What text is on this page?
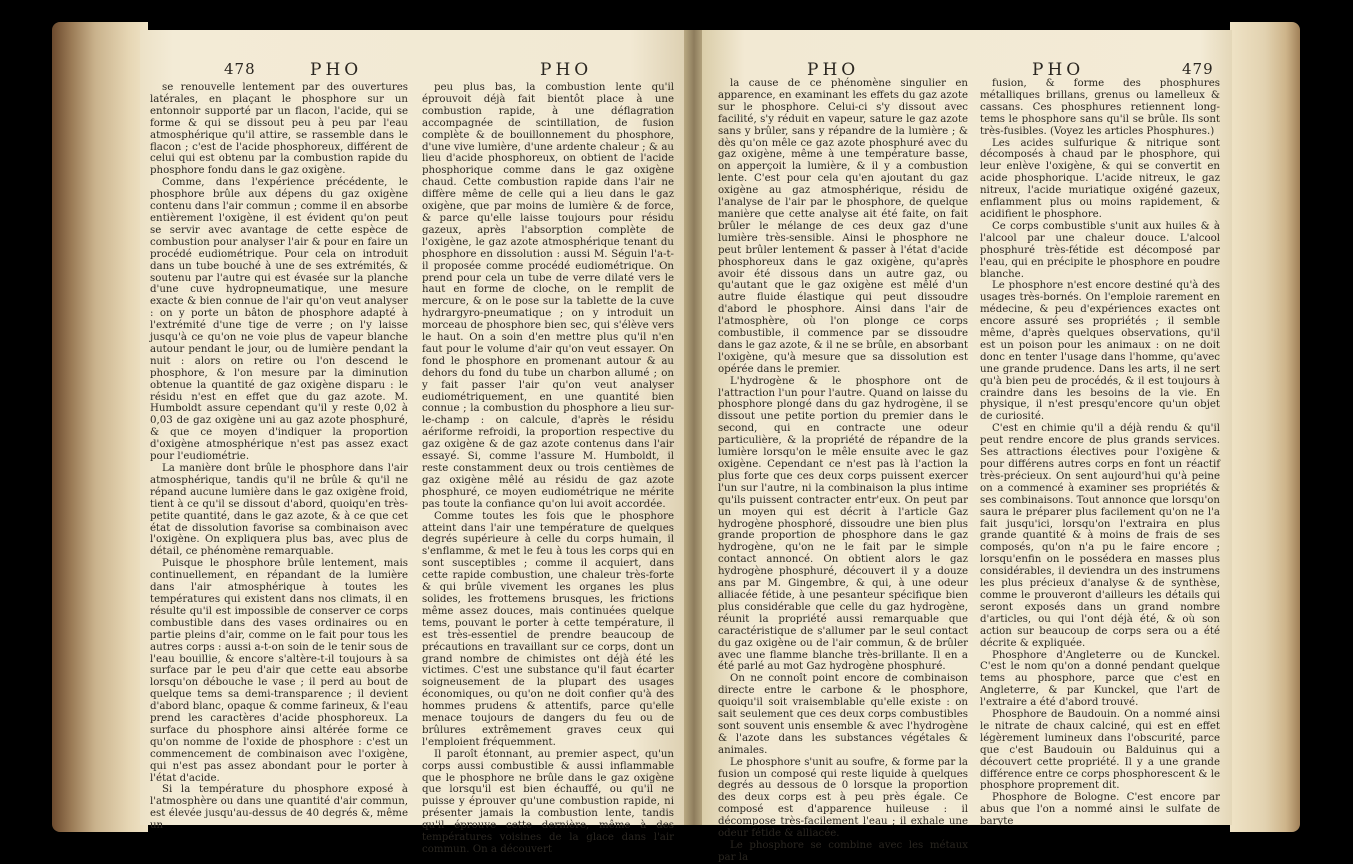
478	PHO	PHO

se renouvelle lentement par des ouvertures latérales, en plaçant le phosphore sur un entonnoir supporté par un flacon, l'acide, qui se forme & qui se dissout peu à peu par l'eau atmosphérique qu'il attire, se rassemble dans le flacon ; c'est de l'acide phosphoreux, différent de celui qui est obtenu par la combustion rapide du phosphore fondu dans le gaz oxigène.

Comme, dans l'expérience précédente, le phosphore brûle aux dépens du gaz oxigène contenu dans l'air commun ; comme il en absorbe entièrement l'oxigène, il est évident qu'on peut se servir avec avantage de cette espèce de combustion pour analyser l'air & pour en faire un procédé eudiométrique. Pour cela on introduit dans un tube bouché à une de ses extrémités, & soutenu par l'autre qui est évasée sur la planche d'une cuve hydropneumatique, une mesure exacte & bien connue de l'air qu'on veut analyser : on y porte un bâton de phosphore adapté à l'extrémité d'une tige de verre ; on l'y laisse jusqu'à ce qu'on ne voie plus de vapeur blanche autour pendant le jour, ou de lumière pendant la nuit : alors on retire ou l'on descend le phosphore, & l'on mesure par la diminution obtenue la quantité de gaz oxigène disparu : le résidu n'est en effet que du gaz azote. M. Humboldt assure cependant qu'il y reste 0,02 à 0,03 de gaz oxigène uni au gaz azote phosphuré, & que ce moyen d'indiquer la proportion d'oxigène atmosphérique n'est pas assez exact pour l'eudiométrie.

La manière dont brûle le phosphore dans l'air atmosphérique, tandis qu'il ne brûle & qu'il ne répand aucune lumière dans le gaz oxigène froid, tient à ce qu'il se dissout d'abord, quoiqu'en très-petite quantité, dans le gaz azote, & à ce que cet état de dissolution favorise sa combinaison avec l'oxigène. On expliquera plus bas, avec plus de détail, ce phénomène remarquable.

Puisque le phosphore brûle lentement, mais continuellement, en répandant de la lumière dans l'air atmosphérique à toutes les températures qui existent dans nos climats, il en résulte qu'il est impossible de conserver ce corps combustible dans des vases ordinaires ou en partie pleins d'air, comme on le fait pour tous les autres corps : aussi a-t-on soin de le tenir sous de l'eau bouillie, & encore s'altère-t-il toujours à sa surface par le peu d'air que cette eau absorbe lorsqu'on débouche le vase ; il perd au bout de quelque tems sa demi-transparence ; il devient d'abord blanc, opaque & comme farineux, & l'eau prend les caractères d'acide phosphoreux. La surface du phosphore ainsi altérée forme ce qu'on nomme de l'oxide de phosphore : c'est un commencement de combinaison avec l'oxigène, qui n'est pas assez abondant pour le porter à l'état d'acide.

Si la température du phosphore exposé à l'atmosphère ou dans une quantité d'air commun, est élevée jusqu'au-dessus de 40 degrés &, même un

peu plus bas, la combustion lente qu'il éprouvoit déjà fait bientôt place à une combustion rapide, à une déflagration accompagnée de scintillation, de fusion complète & de bouillonnement du phosphore, d'une vive lumière, d'une ardente chaleur ; & au lieu d'acide phosphoreux, on obtient de l'acide phosphorique comme dans le gaz oxigène chaud. Cette combustion rapide dans l'air ne diffère même de celle qui a lieu dans le gaz oxigène, que par moins de lumière & de force, & parce qu'elle laisse toujours pour résidu gazeux, après l'absorption complète de l'oxigène, le gaz azote atmosphérique tenant du phosphore en dissolution : aussi M. Séguin l'a-t-il proposée comme procédé eudiométrique. On prend pour cela un tube de verre dilaté vers le haut en forme de cloche, on le remplit de mercure, & on le pose sur la tablette de la cuve hydrargyro-pneumatique ; on y introduit un morceau de phosphore bien sec, qui s'élève vers le haut. On a soin d'en mettre plus qu'il n'en faut pour le volume d'air qu'on veut essayer. On fond le phosphore en promenant autour & au dehors du fond du tube un charbon allumé ; on y fait passer l'air qu'on veut analyser eudiométriquement, en une quantité bien connue ; la combustion du phosphore a lieu sur-le-champ : on calcule, d'après le résidu aériforme refroidi, la proportion respective du gaz oxigène & de gaz azote contenus dans l'air essayé. Si, comme l'assure M. Humboldt, il reste constamment deux ou trois centièmes de gaz oxigène mêlé au résidu de gaz azote phosphuré, ce moyen eudiométrique ne mérite pas toute la confiance qu'on lui avoit accordée.

Comme toutes les fois que le phosphore atteint dans l'air une température de quelques degrés supérieure à celle du corps humain, il s'enflamme, & met le feu à tous les corps qui en sont susceptibles ; comme il acquiert, dans cette rapide combustion, une chaleur très-forte & qui brûle vivement les organes les plus solides, les frottemens brusques, les frictions même assez douces, mais continuées quelque tems, pouvant le porter à cette température, il est très-essentiel de prendre beaucoup de précautions en travaillant sur ce corps, dont un grand nombre de chimistes ont déjà été les victimes. C'est une substance qu'il faut écarter soigneusement de la plupart des usages économiques, ou qu'on ne doit confier qu'à des hommes prudens & attentifs, parce qu'elle menace toujours de dangers du feu ou de brûlures extrêmement graves ceux qui l'emploient fréquemment.

Il paroît étonnant, au premier aspect, qu'un corps aussi combustible & aussi inflammable que le phosphore ne brûle dans le gaz oxigène que lorsqu'il est bien échauffé, ou qu'il ne puisse y éprouver qu'une combustion rapide, ni présenter jamais la combustion lente, tandis qu'il éprouve cette dernière, même à des températures voisines de la glace dans l'air commun. On a découvert

PHO	PHO	479

la cause de ce phénomène singulier en apparence, en examinant les effets du gaz azote sur le phosphore. Celui-ci s'y dissout avec facilité, s'y réduit en vapeur, sature le gaz azote sans y brûler, sans y répandre de la lumière ; & dès qu'on mêle ce gaz azote phosphuré avec du gaz oxigène, même à une température basse, on apperçoit la lumière, & il y a combustion lente. C'est pour cela qu'en ajoutant du gaz oxigène au gaz atmosphérique, résidu de l'analyse de l'air par le phosphore, de quelque manière que cette analyse ait été faite, on fait brûler le mélange de ces deux gaz d'une lumière très-sensible. Ainsi le phosphore ne peut brûler lentement & passer à l'état d'acide phosphoreux dans le gaz oxigène, qu'après avoir été dissous dans un autre gaz, ou qu'autant que le gaz oxigène est mêlé d'un autre fluide élastique qui peut dissoudre d'abord le phosphore. Ainsi dans l'air de l'atmosphère, où l'on plonge ce corps combustible, il commence par se dissoudre dans le gaz azote, & il ne se brûle, en absorbant l'oxigène, qu'à mesure que sa dissolution est opérée dans le premier.

L'hydrogène & le phosphore ont de l'attraction l'un pour l'autre. Quand on laisse du phosphore plongé dans du gaz hydrogène, il se dissout une petite portion du premier dans le second, qui en contracte une odeur particulière, & la propriété de répandre de la lumière lorsqu'on le mêle ensuite avec le gaz oxigène. Cependant ce n'est pas là l'action la plus forte que ces deux corps puissent exercer l'un sur l'autre, ni la combinaison la plus intime qu'ils puissent contracter entr'eux. On peut par un moyen qui est décrit à l'article Gaz hydrogène phosphoré, dissoudre une bien plus grande proportion de phosphore dans le gaz hydrogène, qu'on ne le fait par le simple contact annoncé. On obtient alors le gaz hydrogène phosphuré, découvert il y a douze ans par M. Gingembre, & qui, à une odeur alliacée fétide, à une pesanteur spécifique bien plus considérable que celle du gaz hydrogène, réunit la propriété aussi remarquable que caractéristique de s'allumer par le seul contact du gaz oxigène ou de l'air commun, & de brûler avec une flamme blanche très-brillante. Il en a été parlé au mot Gaz hydrogène phosphuré.

On ne connoît point encore de combinaison directe entre le carbone & le phosphore, quoiqu'il soit vraisemblable qu'elle existe : on sait seulement que ces deux corps combustibles sont souvent unis ensemble & avec l'hydrogène & l'azote dans les substances végétales & animales.

Le phosphore s'unit au soufre, & forme par la fusion un composé qui reste liquide à quelques degrés au dessous de 0 lorsque la proportion des deux corps est à peu près égale. Ce composé est d'apparence huileuse : il décompose très-facilement l'eau ; il exhale une odeur fétide & alliacée.

Le phosphore se combine avec les métaux par la

fusion, & forme des phosphures métalliques brillans, grenus ou lamelleux & cassans. Ces phosphures retiennent long-tems le phosphore sans qu'il se brûle. Ils sont très-fusibles. (Voyez les articles Phosphures.)

Les acides sulfurique & nitrique sont décomposés à chaud par le phosphore, qui leur enlève l'oxigène, & qui se convertit en acide phosphorique. L'acide nitreux, le gaz nitreux, l'acide muriatique oxigéné gazeux, enflamment plus ou moins rapidement, & acidifient le phosphore.

Ce corps combustible s'unit aux huiles & à l'alcool par une chaleur douce. L'alcool phosphuré très-fétide est décomposé par l'eau, qui en précipite le phosphore en poudre blanche.

Le phosphore n'est encore destiné qu'à des usages très-bornés. On l'emploie rarement en médecine, & peu d'expériences exactes ont encore assuré ses propriétés ; il semble même, d'après quelques observations, qu'il est un poison pour les animaux : on ne doit donc en tenter l'usage dans l'homme, qu'avec une grande prudence. Dans les arts, il ne sert qu'à bien peu de procédés, & il est toujours à craindre dans les besoins de la vie. En physique, il n'est presqu'encore qu'un objet de curiosité.

C'est en chimie qu'il a déjà rendu & qu'il peut rendre encore de plus grands services. Ses attractions électives pour l'oxigène & pour différens autres corps en font un réactif très-précieux. On sent aujourd'hui qu'à peine on a commencé à examiner ses propriétés & ses combinaisons. Tout annonce que lorsqu'on saura le préparer plus facilement qu'on ne l'a fait jusqu'ici, lorsqu'on l'extraira en plus grande quantité & à moins de frais de ses composés, qu'on n'a pu le faire encore ; lorsqu'enfin on le possédera en masses plus considérables, il deviendra un des instrumens les plus précieux d'analyse & de synthèse, comme le prouveront d'ailleurs les détails qui seront exposés dans un grand nombre d'articles, ou qui l'ont déjà été, & où son action sur beaucoup de corps sera ou a été décrite & expliquée.

Phosphore d'Angleterre ou de Kunckel. C'est le nom qu'on a donné pendant quelque tems au phosphore, parce que c'est en Angleterre, & par Kunckel, que l'art de l'extraire a été d'abord trouvé.

Phosphore de Baudouin. On a nommé ainsi le nitrate de chaux calciné, qui est en effet légèrement lumineux dans l'obscurité, parce que c'est Baudouin ou Balduinus qui a découvert cette propriété. Il y a une grande différence entre ce corps phosphorescent & le phosphore proprement dit.

Phosphore de Bologne. C'est encore par abus que l'on a nommé ainsi le sulfate de baryte
